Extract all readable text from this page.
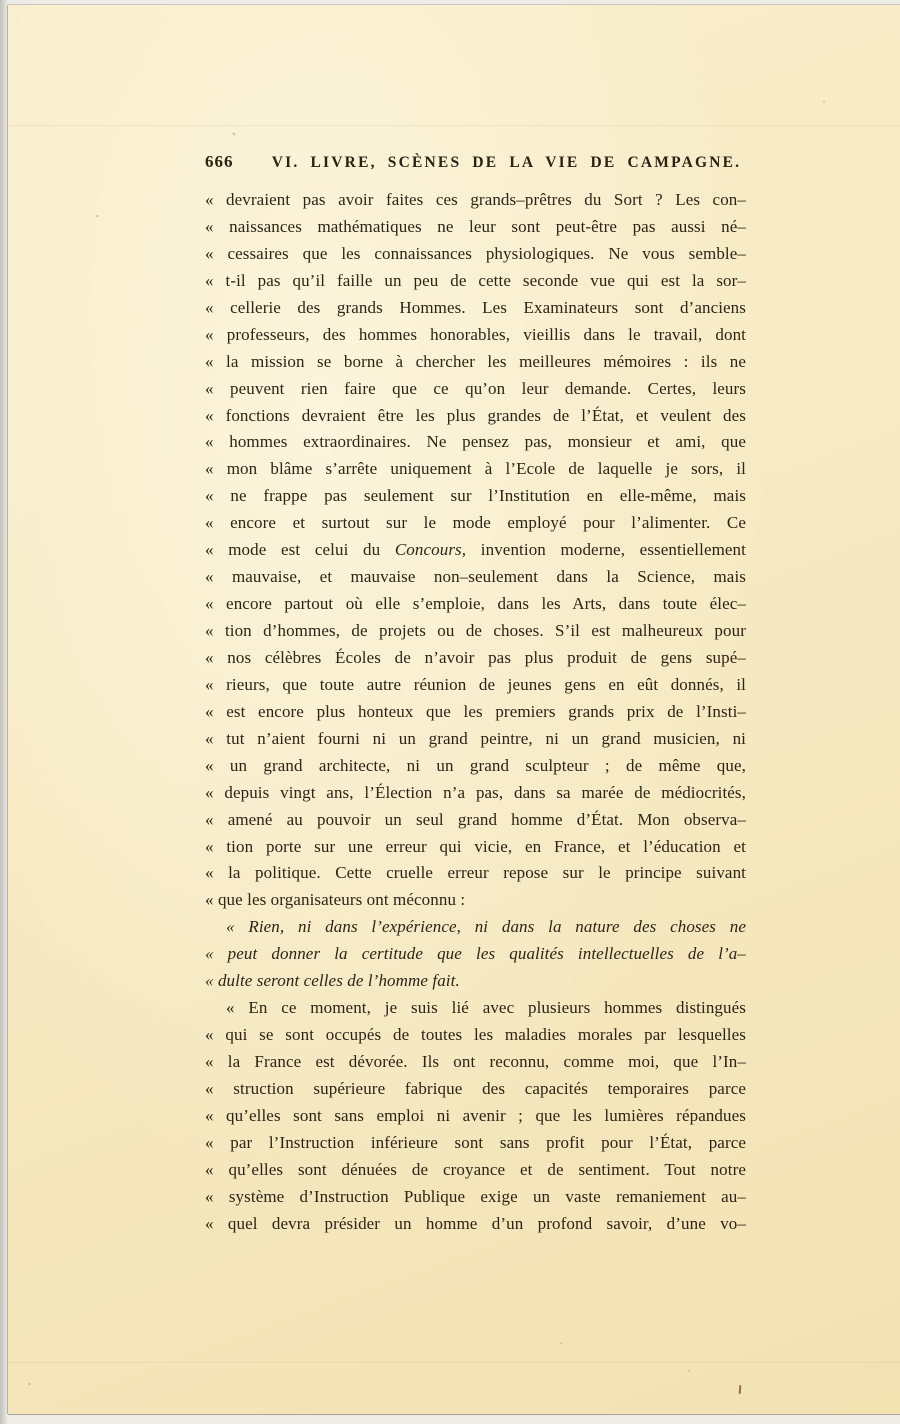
666	VI. LIVRE, SCÈNES DE LA VIE DE CAMPAGNE.
« devraient pas avoir faites ces grands–prêtres du Sort ? Les con–
« naissances mathématiques ne leur sont peut-être pas aussi né–
« cessaires que les connaissances physiologiques. Ne vous semble–
« t-il pas qu’il faille un peu de cette seconde vue qui est la sor–
« cellerie des grands Hommes. Les Examinateurs sont d’anciens
« professeurs, des hommes honorables, vieillis dans le travail, dont
« la mission se borne à chercher les meilleures mémoires : ils ne
« peuvent rien faire que ce qu’on leur demande. Certes, leurs
« fonctions devraient être les plus grandes de l’État, et veulent des
« hommes extraordinaires. Ne pensez pas, monsieur et ami, que
« mon blâme s’arrête uniquement à l’Ecole de laquelle je sors, il
« ne frappe pas seulement sur l’Institution en elle-même, mais
« encore et surtout sur le mode employé pour l’alimenter. Ce
« mode est celui du Concours, invention moderne, essentiellement
« mauvaise, et mauvaise non–seulement dans la Science, mais
« encore partout où elle s’emploie, dans les Arts, dans toute élec–
« tion d’hommes, de projets ou de choses. S’il est malheureux pour
« nos célèbres Écoles de n’avoir pas plus produit de gens supé–
« rieurs, que toute autre réunion de jeunes gens en eût donnés, il
« est encore plus honteux que les premiers grands prix de l’Insti–
« tut n’aient fourni ni un grand peintre, ni un grand musicien, ni
« un grand architecte, ni un grand sculpteur ; de même que,
« depuis vingt ans, l’Élection n’a pas, dans sa marée de médiocrités,
« amené au pouvoir un seul grand homme d’État. Mon observa–
« tion porte sur une erreur qui vicie, en France, et l’éducation et
« la politique. Cette cruelle erreur repose sur le principe suivant
« que les organisateurs ont méconnu :
« Rien, ni dans l’expérience, ni dans la nature des choses ne
« peut donner la certitude que les qualités intellectuelles de l’a–
« dulte seront celles de l’homme fait.
« En ce moment, je suis lié avec plusieurs hommes distingués
« qui se sont occupés de toutes les maladies morales par lesquelles
« la France est dévorée. Ils ont reconnu, comme moi, que l’In–
« struction supérieure fabrique des capacités temporaires parce
« qu’elles sont sans emploi ni avenir ; que les lumières répandues
« par l’Instruction inférieure sont sans profit pour l’État, parce
« qu’elles sont dénuées de croyance et de sentiment. Tout notre
« système d’Instruction Publique exige un vaste remaniement au–
« quel devra présider un homme d’un profond savoir, d’une vo–
